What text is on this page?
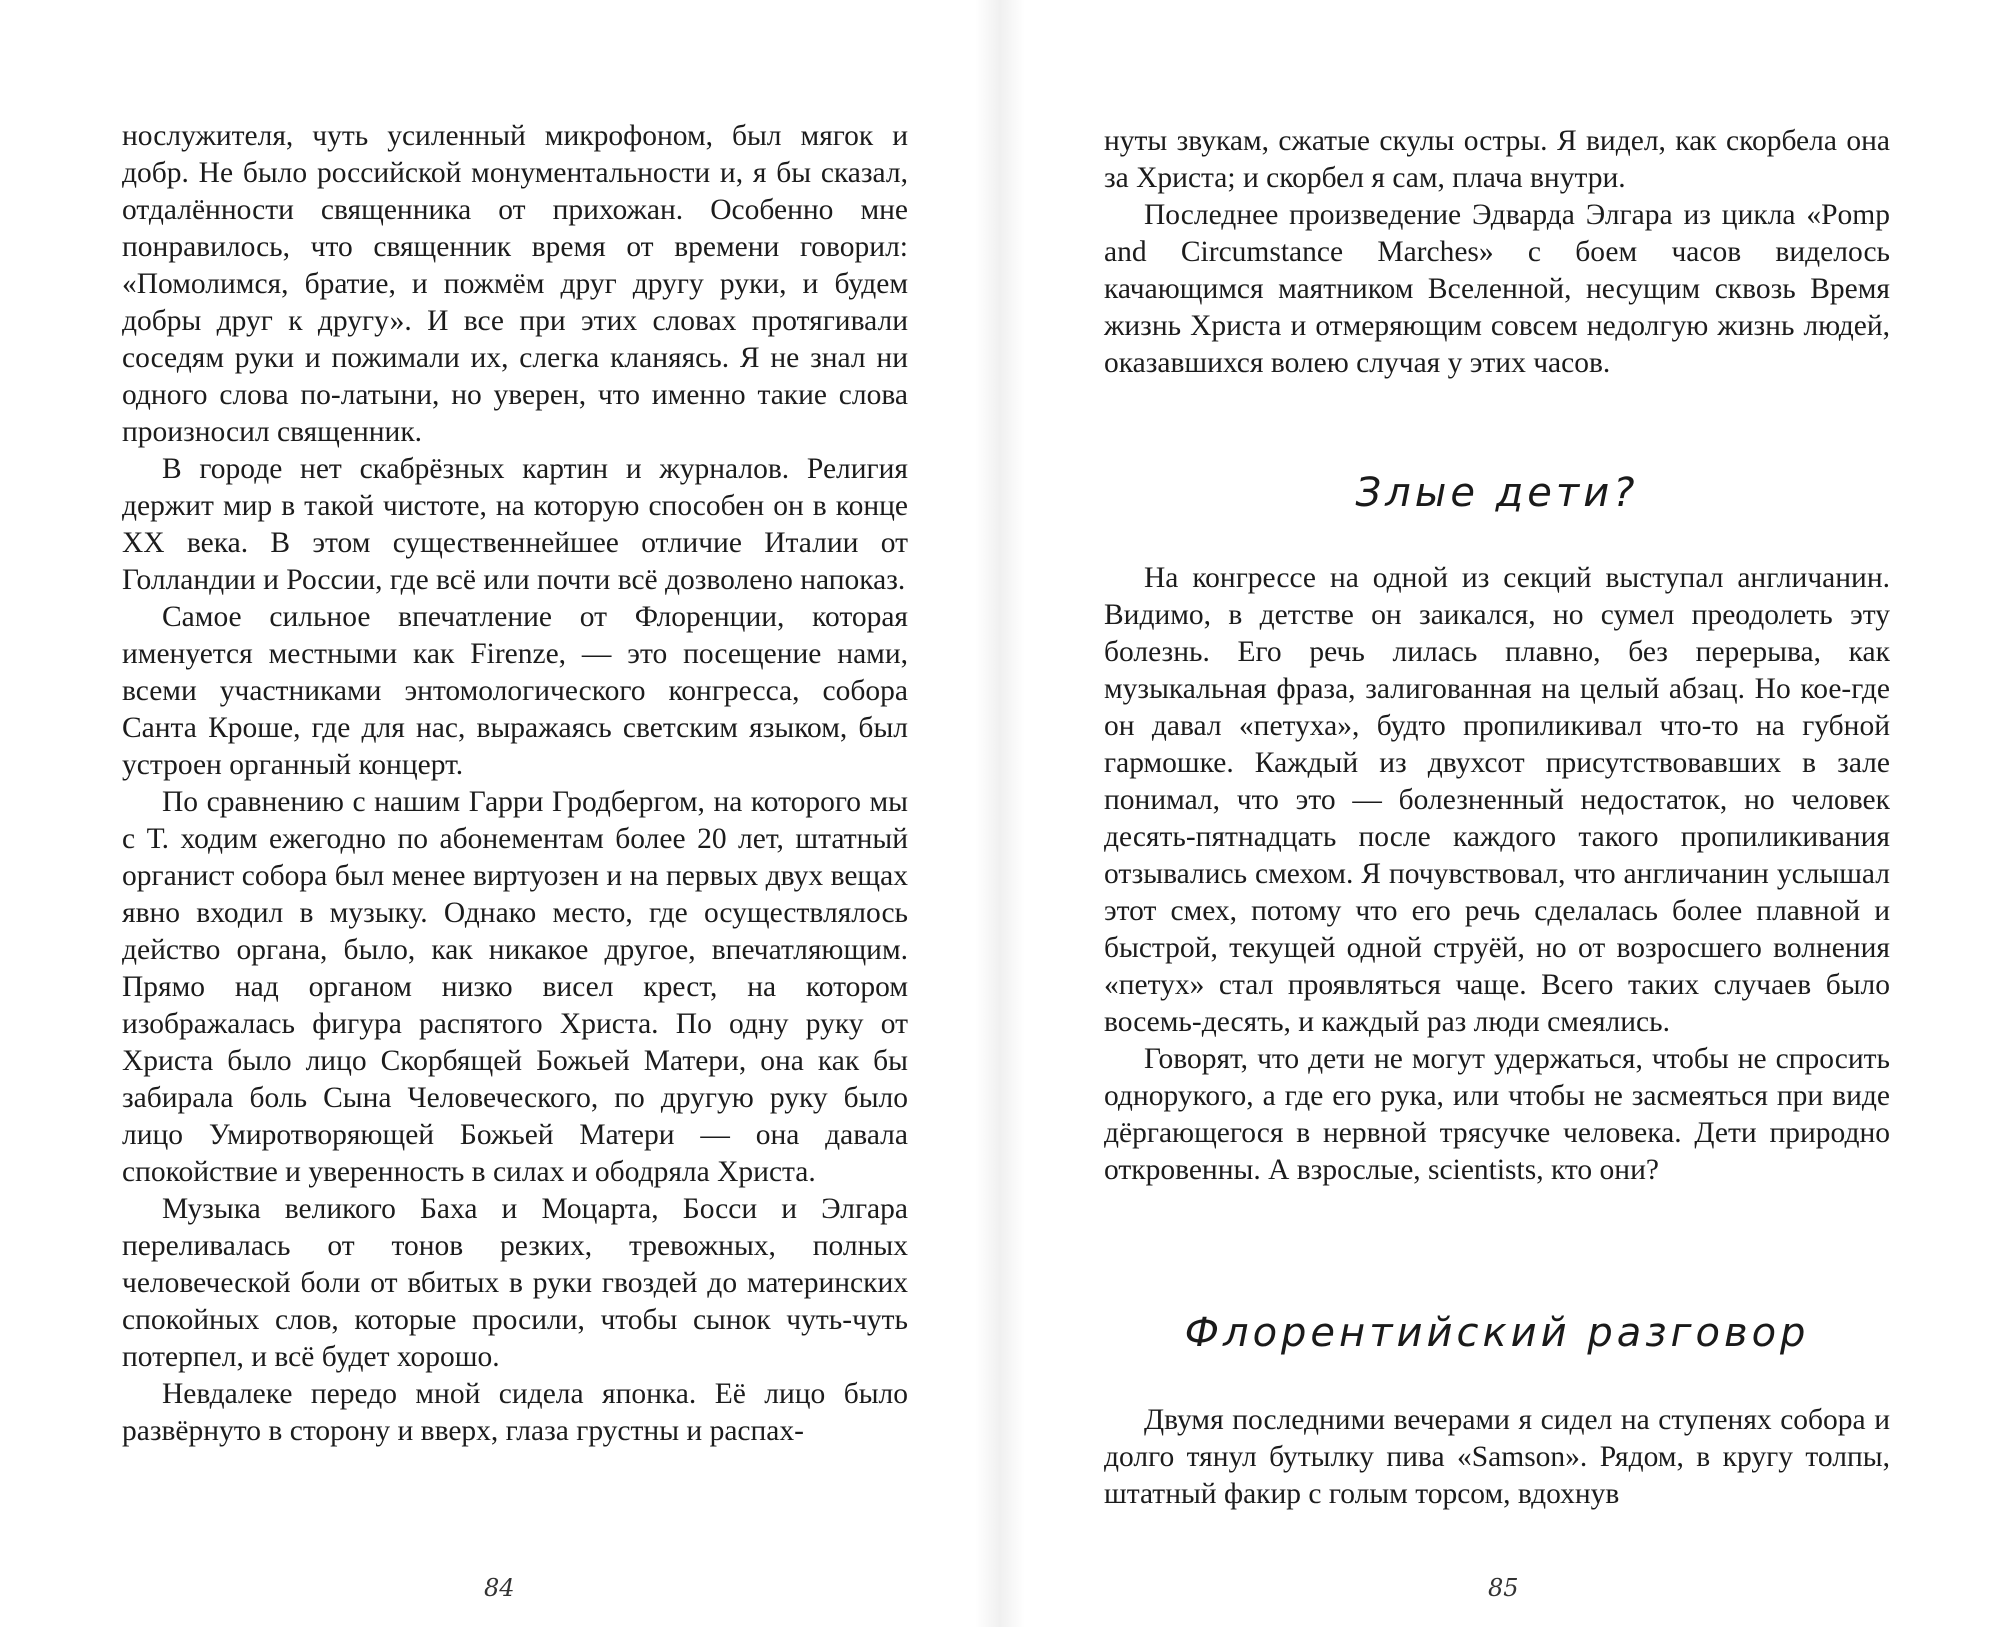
нослужителя, чуть усиленный микрофоном, был мягок и добр. Не было российской монументальности и, я бы сказал, отдалённости священника от прихожан. Особенно мне понравилось, что священник время от времени говорил: «Помолимся, братие, и пожмём друг другу руки, и будем добры друг к другу». И все при этих словах протягивали соседям руки и пожимали их, слегка кланяясь. Я не знал ни одного слова по-латыни, но уверен, что именно такие слова произносил священник.

В городе нет скабрёзных картин и журналов. Религия держит мир в такой чистоте, на которую способен он в конце XX века. В этом существеннейшее отличие Италии от Голландии и России, где всё или почти всё дозволено напоказ.

Самое сильное впечатление от Флоренции, которая именуется местными как Firenze, — это посещение нами, всеми участниками энтомологического конгресса, собора Санта Кроше, где для нас, выражаясь светским языком, был устроен органный концерт.

По сравнению с нашим Гарри Гродбергом, на которого мы с Т. ходим ежегодно по абонементам более 20 лет, штатный органист собора был менее виртуозен и на первых двух вещах явно входил в музыку. Однако место, где осуществлялось действо органа, было, как никакое другое, впечатляющим. Прямо над органом низко висел крест, на котором изображалась фигура распятого Христа. По одну руку от Христа было лицо Скорбящей Божьей Матери, она как бы забирала боль Сына Человеческого, по другую руку было лицо Умиротворяющей Божьей Матери — она давала спокойствие и уверенность в силах и ободряла Христа.

Музыка великого Баха и Моцарта, Босси и Элгара переливалась от тонов резких, тревожных, полных человеческой боли от вбитых в руки гвоздей до материнских спокойных слов, которые просили, чтобы сынок чуть-чуть потерпел, и всё будет хорошо.

Невдалеке передо мной сидела японка. Её лицо было развёрнуто в сторону и вверх, глаза грустны и распах-

84

нуты звукам, сжатые скулы остры. Я видел, как скорбела она за Христа; и скорбел я сам, плача внутри.

Последнее произведение Эдварда Элгара из цикла «Pomp and Circumstance Marches» с боем часов виделось качающимся маятником Вселенной, несущим сквозь Время жизнь Христа и отмеряющим совсем недолгую жизнь людей, оказавшихся волею случая у этих часов.

Злые дети?

На конгрессе на одной из секций выступал англичанин. Видимо, в детстве он заикался, но сумел преодолеть эту болезнь. Его речь лилась плавно, без перерыва, как музыкальная фраза, залигованная на целый абзац. Но кое-где он давал «петуха», будто пропиликивал что-то на губной гармошке. Каждый из двухсот присутствовавших в зале понимал, что это — болезненный недостаток, но человек десять-пятнадцать после каждого такого пропиликивания отзывались смехом. Я почувствовал, что англичанин услышал этот смех, потому что его речь сделалась более плавной и быстрой, текущей одной струёй, но от возросшего волнения «петух» стал проявляться чаще. Всего таких случаев было восемь-десять, и каждый раз люди смеялись.

Говорят, что дети не могут удержаться, чтобы не спросить однорукого, а где его рука, или чтобы не засмеяться при виде дёргающегося в нервной трясучке человека. Дети природно откровенны. А взрослые, scientists, кто они?

Флорентийский разговор

Двумя последними вечерами я сидел на ступенях собора и долго тянул бутылку пива «Samson». Рядом, в кругу толпы, штатный факир с голым торсом, вдохнув

85
